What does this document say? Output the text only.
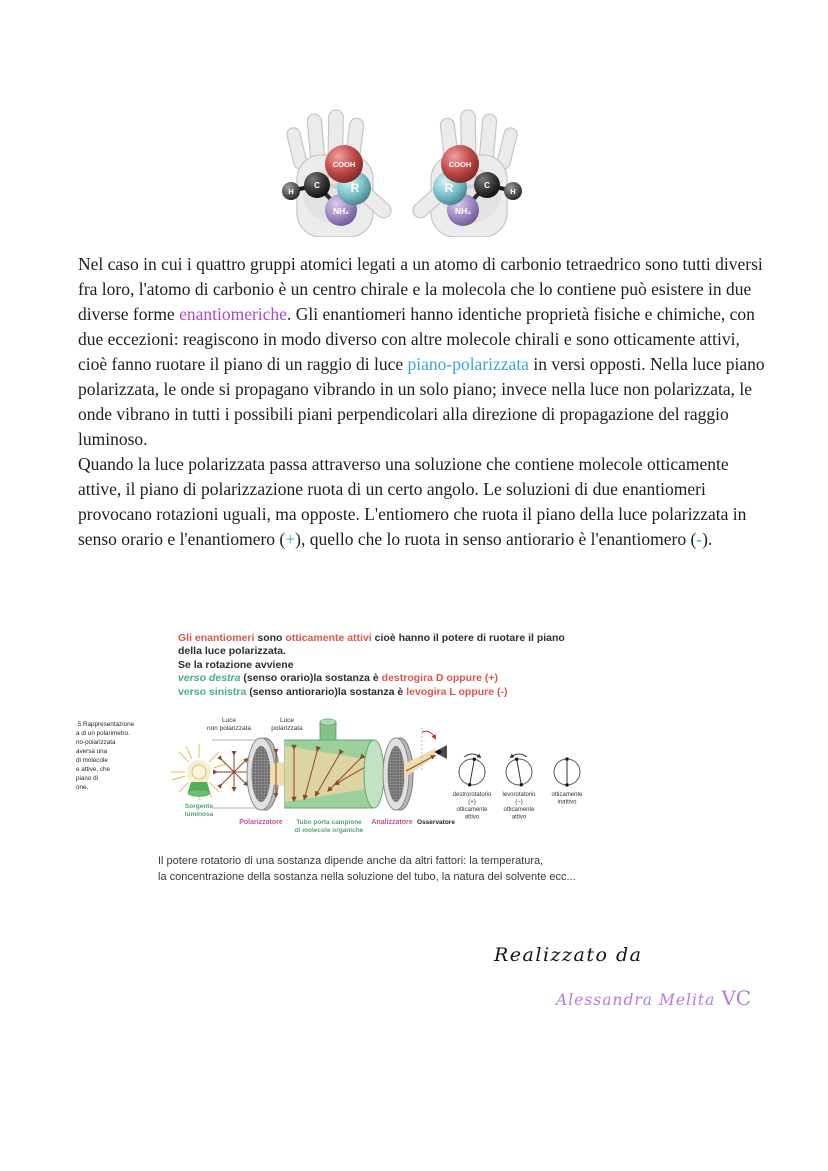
C
H
NH₂
R
COOH
C
H
NH₂
R
COOH

Nel caso in cui i quattro gruppi atomici legati a un atomo di carbonio tetraedrico sono tutti diversi fra loro, l'atomo di carbonio è un centro chirale e la molecola che lo contiene può esistere in due diverse forme enantiomeriche. Gli enantiomeri hanno identiche proprietà fisiche e chimiche, con due eccezioni: reagiscono in modo diverso con altre molecole chirali e sono otticamente attivi, cioè fanno ruotare il piano di un raggio di luce piano-polarizzata in versi opposti. Nella luce piano polarizzata, le onde si propagano vibrando in un solo piano; invece nella luce non polarizzata, le onde vibrano in tutti i possibili piani perpendicolari alla direzione di propagazione del raggio luminoso.

Quando la luce polarizzata passa attraverso una soluzione che contiene molecole otticamente attive, il piano di polarizzazione ruota di un certo angolo. Le soluzioni di due enantiomeri provocano rotazioni uguali, ma opposte. L'entiomero che ruota il piano della luce polarizzata in senso orario e l'enantiomero (+), quello che lo ruota in senso antiorario è l'enantiomero (-).

Gli enantiomeri sono otticamente attivi cioè hanno il potere di ruotare il piano
della luce polarizzata.
Se la rotazione avviene
verso destra (senso orario)la sostanza è destrogira D oppure (+)
verso sinistra (senso antiorario)la sostanza è levogira L oppure (-)
.5 Rappresentazione
a di un polarimetro.
no-polarizzata
aversa una
di molecole
e attive, che
piano di
one.
Luce
non polarizzata
Luce
polarizzata
Sorgente
luminosa
Polarizzatore Tubo porta campione
di molecole organiche
Analizzatore Osservatore
destrorotatorio
(+)
otticamente
attivo
levorotatorio
(−)
otticamente
attivo
otticamente
inattivo
Il potere rotatorio di una sostanza dipende anche da altri fattori: la temperatura,
la concentrazione della sostanza nella soluzione del tubo, la natura del solvente ecc...
Realizzato da
Alessandra Melita VC
